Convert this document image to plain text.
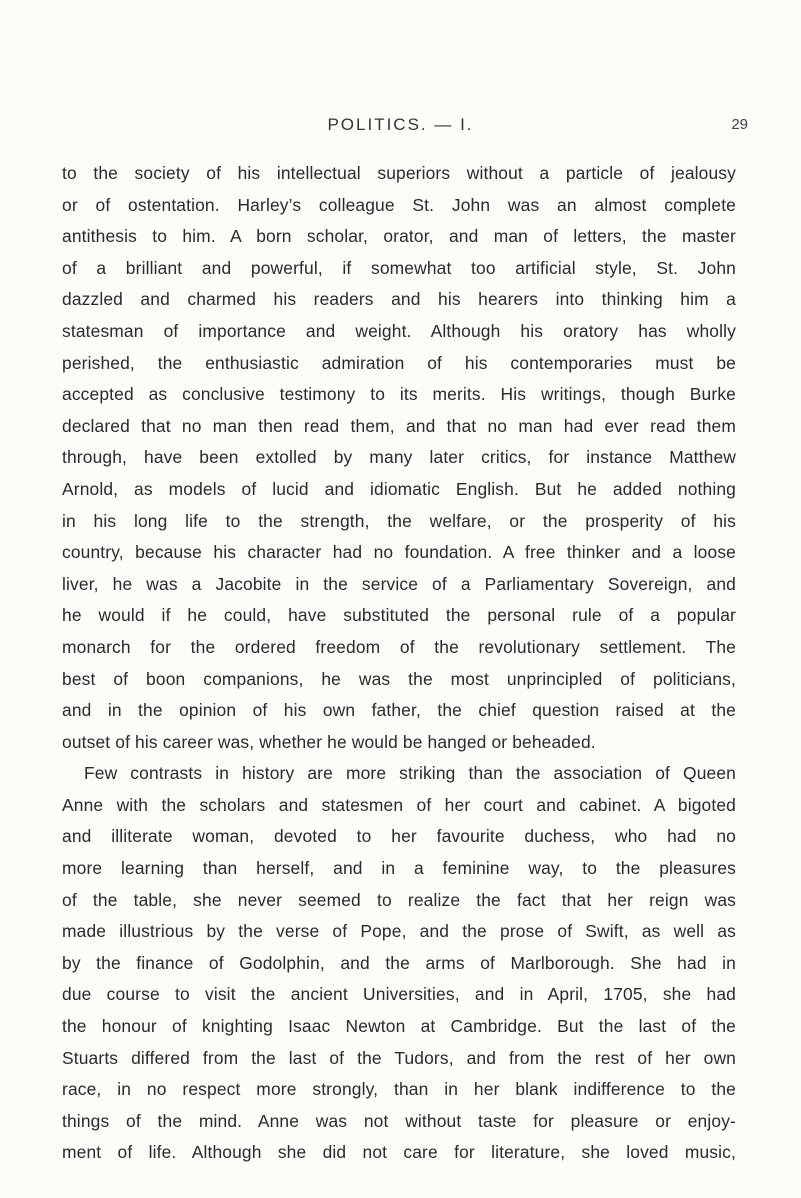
POLITICS. — I.	29
to the society of his intellectual superiors without a particle of jealousy
or of ostentation. Harley’s colleague St. John was an almost complete
antithesis to him. A born scholar, orator, and man of letters, the master
of a brilliant and powerful, if somewhat too artificial style, St. John
dazzled and charmed his readers and his hearers into thinking him a
statesman of importance and weight. Although his oratory has wholly
perished, the enthusiastic admiration of his contemporaries must be
accepted as conclusive testimony to its merits. His writings, though Burke
declared that no man then read them, and that no man had ever read them
through, have been extolled by many later critics, for instance Matthew
Arnold, as models of lucid and idiomatic English. But he added nothing
in his long life to the strength, the welfare, or the prosperity of his
country, because his character had no foundation. A free thinker and a loose
liver, he was a Jacobite in the service of a Parliamentary Sovereign, and
he would if he could, have substituted the personal rule of a popular
monarch for the ordered freedom of the revolutionary settlement. The
best of boon companions, he was the most unprincipled of politicians,
and in the opinion of his own father, the chief question raised at the
outset of his career was, whether he would be hanged or beheaded.
Few contrasts in history are more striking than the association of Queen
Anne with the scholars and statesmen of her court and cabinet. A bigoted
and illiterate woman, devoted to her favourite duchess, who had no
more learning than herself, and in a feminine way, to the pleasures
of the table, she never seemed to realize the fact that her reign was
made illustrious by the verse of Pope, and the prose of Swift, as well as
by the finance of Godolphin, and the arms of Marlborough. She had in
due course to visit the ancient Universities, and in April, 1705, she had
the honour of knighting Isaac Newton at Cambridge. But the last of the
Stuarts differed from the last of the Tudors, and from the rest of her own
race, in no respect more strongly, than in her blank indifference to the
things of the mind. Anne was not without taste for pleasure or enjoy-
ment of life. Although she did not care for literature, she loved music,
